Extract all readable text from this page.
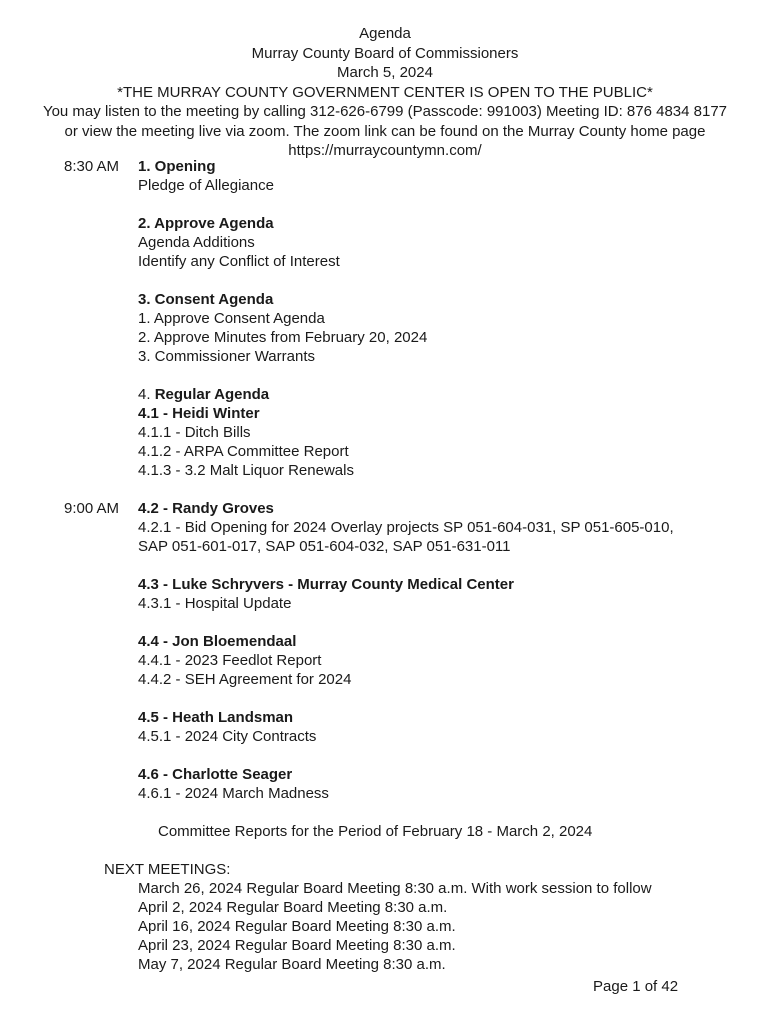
Agenda
Murray County Board of Commissioners
March 5, 2024
*THE MURRAY COUNTY GOVERNMENT CENTER IS OPEN TO THE PUBLIC*
You may listen to the meeting by calling 312-626-6799 (Passcode: 991003) Meeting ID: 876 4834 8177 or view the meeting live via zoom. The zoom link can be found on the Murray County home page https://murraycountymn.com/
8:30 AM 1. Opening
Pledge of Allegiance
2. Approve Agenda
Agenda Additions
Identify any Conflict of Interest
3. Consent Agenda
1. Approve Consent Agenda
2. Approve Minutes from February 20, 2024
3. Commissioner Warrants
4. Regular Agenda
4.1 - Heidi Winter
4.1.1 - Ditch Bills
4.1.2 - ARPA Committee Report
4.1.3 - 3.2 Malt Liquor Renewals
9:00 AM 4.2 - Randy Groves
4.2.1 - Bid Opening for 2024 Overlay projects SP 051-604-031, SP 051-605-010,
SAP 051-601-017, SAP 051-604-032, SAP 051-631-011
4.3 - Luke Schryvers - Murray County Medical Center
4.3.1 - Hospital Update
4.4 - Jon Bloemendaal
4.4.1 - 2023 Feedlot Report
4.4.2 - SEH Agreement for 2024
4.5 - Heath Landsman
4.5.1 - 2024 City Contracts
4.6 - Charlotte Seager
4.6.1 - 2024 March Madness
Committee Reports for the Period of February 18 - March 2, 2024
NEXT MEETINGS:
March 26, 2024 Regular Board Meeting 8:30 a.m. With work session to follow
April 2, 2024 Regular Board Meeting 8:30 a.m.
April 16, 2024 Regular Board Meeting 8:30 a.m.
April 23, 2024 Regular Board Meeting 8:30 a.m.
May 7, 2024 Regular Board Meeting 8:30 a.m.
Page 1 of 42
